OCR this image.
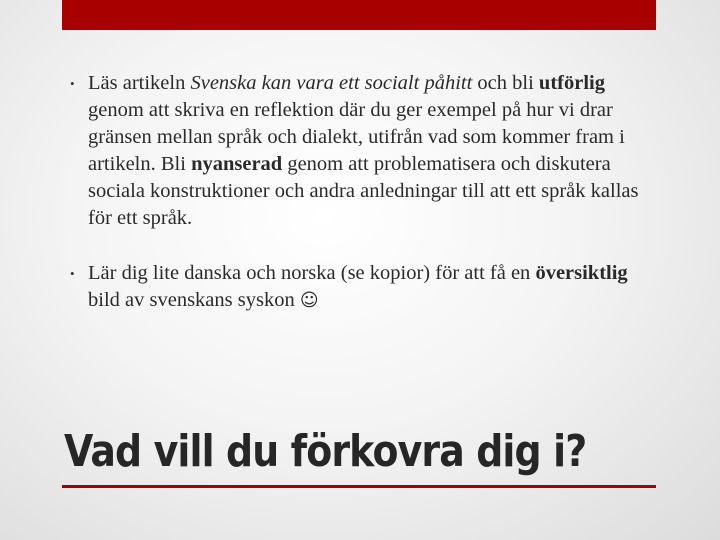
• Läs artikeln Svenska kan vara ett socialt påhitt och bli utförlig genom att skriva en reflektion där du ger exempel på hur vi drar gränsen mellan språk och dialekt, utifrån vad som kommer fram i artikeln. Bli nyanserad genom att problematisera och diskutera sociala konstruktioner och andra anledningar till att ett språk kallas för ett språk.
• Lär dig lite danska och norska (se kopior) för att få en översiktlig bild av svenskans syskon ☺
Vad vill du förkovra dig i?
